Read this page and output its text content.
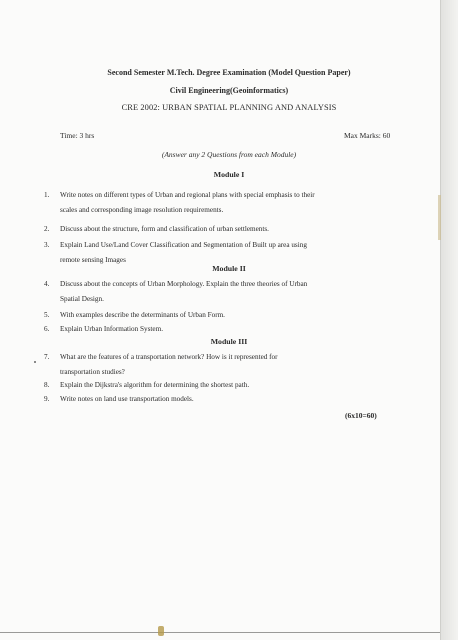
Second Semester M.Tech. Degree Examination (Model Question Paper)
Civil Engineering(Geoinformatics)
CRE 2002: URBAN SPATIAL PLANNING AND ANALYSIS
Time: 3 hrs	Max Marks: 60
(Answer any 2 Questions from each Module)
Module I
1.	Write notes on different types of Urban and regional plans with special emphasis to their
scales and corresponding image resolution requirements.
2.	Discuss about the structure, form and classification of urban settlements.
3.	Explain Land Use/Land Cover Classification and Segmentation of Built up area using
remote sensing Images
Module II
4.	Discuss about the concepts of Urban Morphology. Explain the three theories of Urban
Spatial Design.
5.	With examples describe the determinants of Urban Form.
6.	Explain Urban Information System.
Module III
7.	What are the features of a transportation network? How is it represented for
transportation studies?
8.	Explain the Dijkstra's algorithm for determining the shortest path.
9.	Write notes on land use transportation models.
(6x10=60)
